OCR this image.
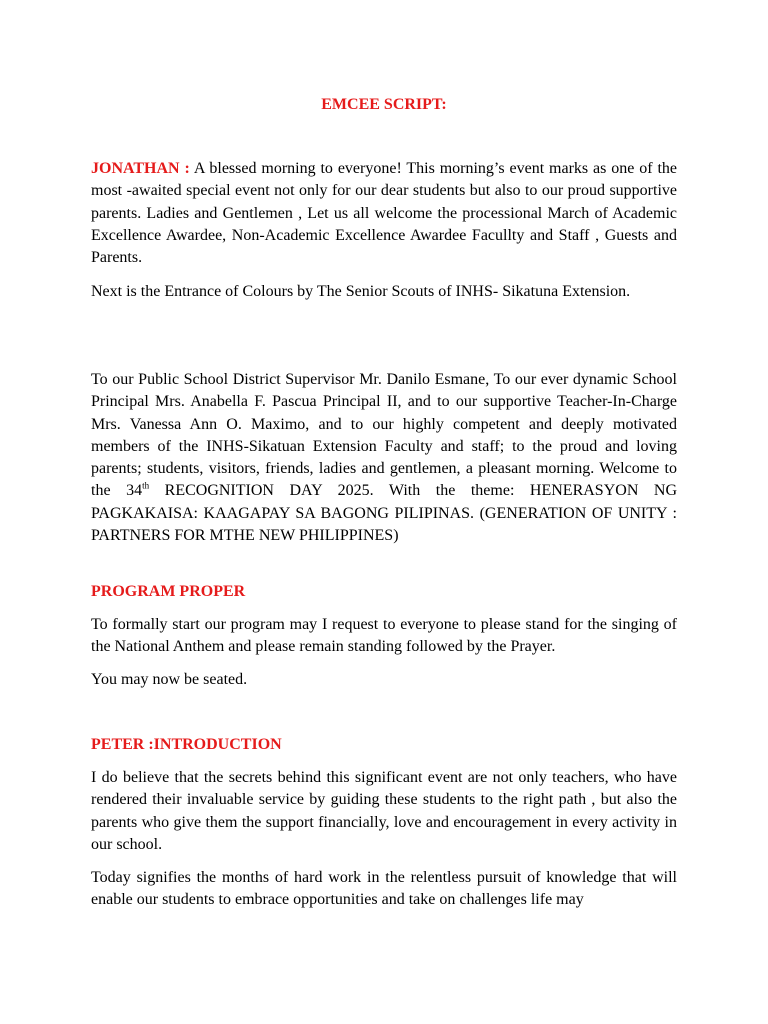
EMCEE SCRIPT:
JONATHAN : A blessed morning to everyone! This morning’s event marks as one of the most -awaited special event not only for our dear students but also to our proud supportive parents. Ladies and Gentlemen , Let us all welcome the processional March of Academic Excellence Awardee, Non-Academic Excellence Awardee Facullty and Staff , Guests and Parents.
Next is the Entrance of Colours by The Senior Scouts of INHS- Sikatuna Extension.
To our Public School District Supervisor Mr. Danilo Esmane, To our ever dynamic School Principal Mrs. Anabella F. Pascua Principal II, and to our supportive Teacher-In-Charge Mrs. Vanessa Ann O. Maximo, and to our highly competent and deeply motivated members of the INHS-Sikatuan Extension Faculty and staff; to the proud and loving parents; students, visitors, friends, ladies and gentlemen, a pleasant morning. Welcome to the 34th RECOGNITION DAY 2025. With the theme: HENERASYON NG PAGKAKAISA: KAAGAPAY SA BAGONG PILIPINAS. (GENERATION OF UNITY : PARTNERS FOR MTHE NEW PHILIPPINES)
PROGRAM PROPER
To formally start our program may I request to everyone to please stand for the singing of the National Anthem and please remain standing followed by the Prayer.
You may now be seated.
PETER :INTRODUCTION
I do believe that the secrets behind this significant event are not only teachers, who have rendered their invaluable service by guiding these students to the right path , but also the parents who give them the support financially, love and encouragement in every activity in our school.
Today signifies the months of hard work in the relentless pursuit of knowledge that will enable our students to embrace opportunities and take on challenges life may
